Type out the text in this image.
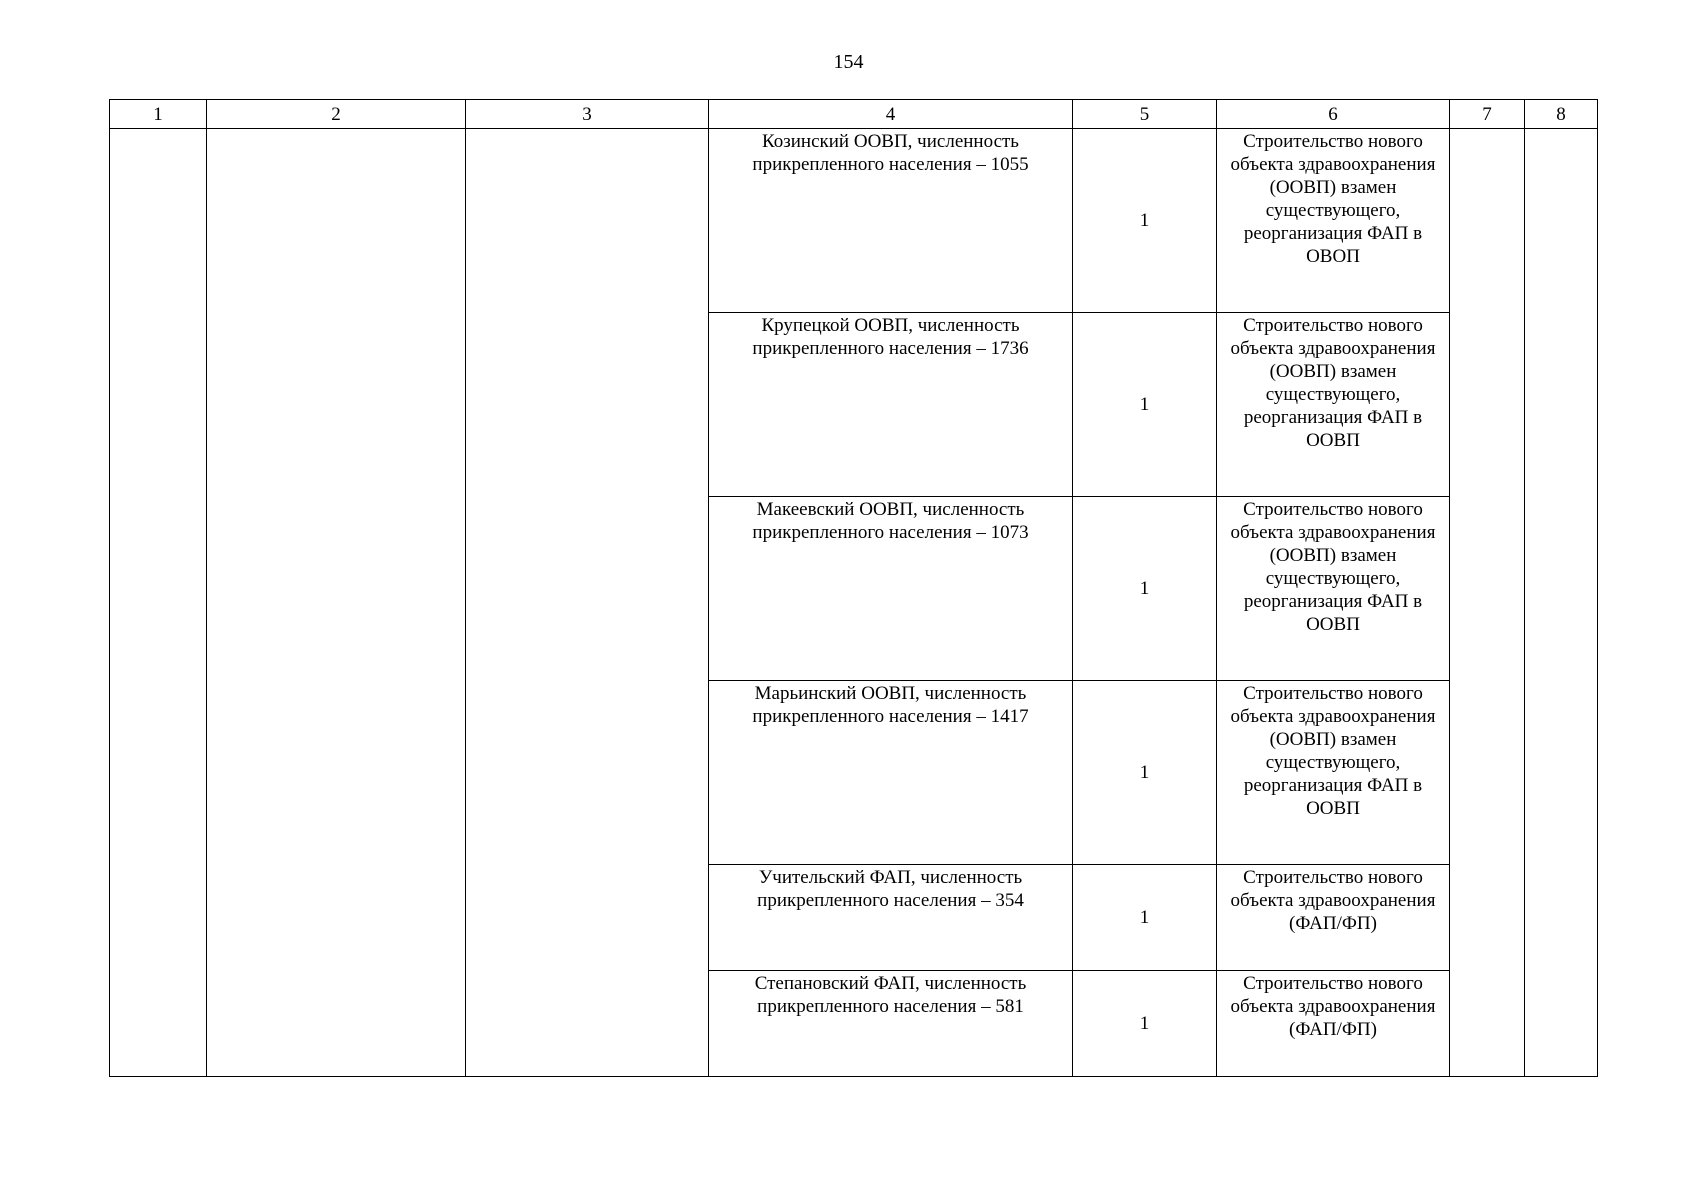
154
1	2	3	4	5	6	7	8
			Козинский ООВП, численность прикрепленного населения – 1055	1	Строительство нового объекта здравоохранения (ООВП) взамен существующего, реорганизация ФАП в ОВОП		
			Крупецкой ООВП, численность прикрепленного населения – 1736	1	Строительство нового объекта здравоохранения (ООВП) взамен существующего, реорганизация ФАП в ООВП		
			Макеевский ООВП, численность прикрепленного населения – 1073	1	Строительство нового объекта здравоохранения (ООВП) взамен существующего, реорганизация ФАП в ООВП		
			Марьинский ООВП, численность прикрепленного населения – 1417	1	Строительство нового объекта здравоохранения (ООВП) взамен существующего, реорганизация ФАП в ООВП		
			Учительский ФАП, численность прикрепленного населения – 354	1	Строительство нового объекта здравоохранения (ФАП/ФП)		
			Степановский ФАП, численность прикрепленного населения – 581	1	Строительство нового объекта здравоохранения (ФАП/ФП)		
